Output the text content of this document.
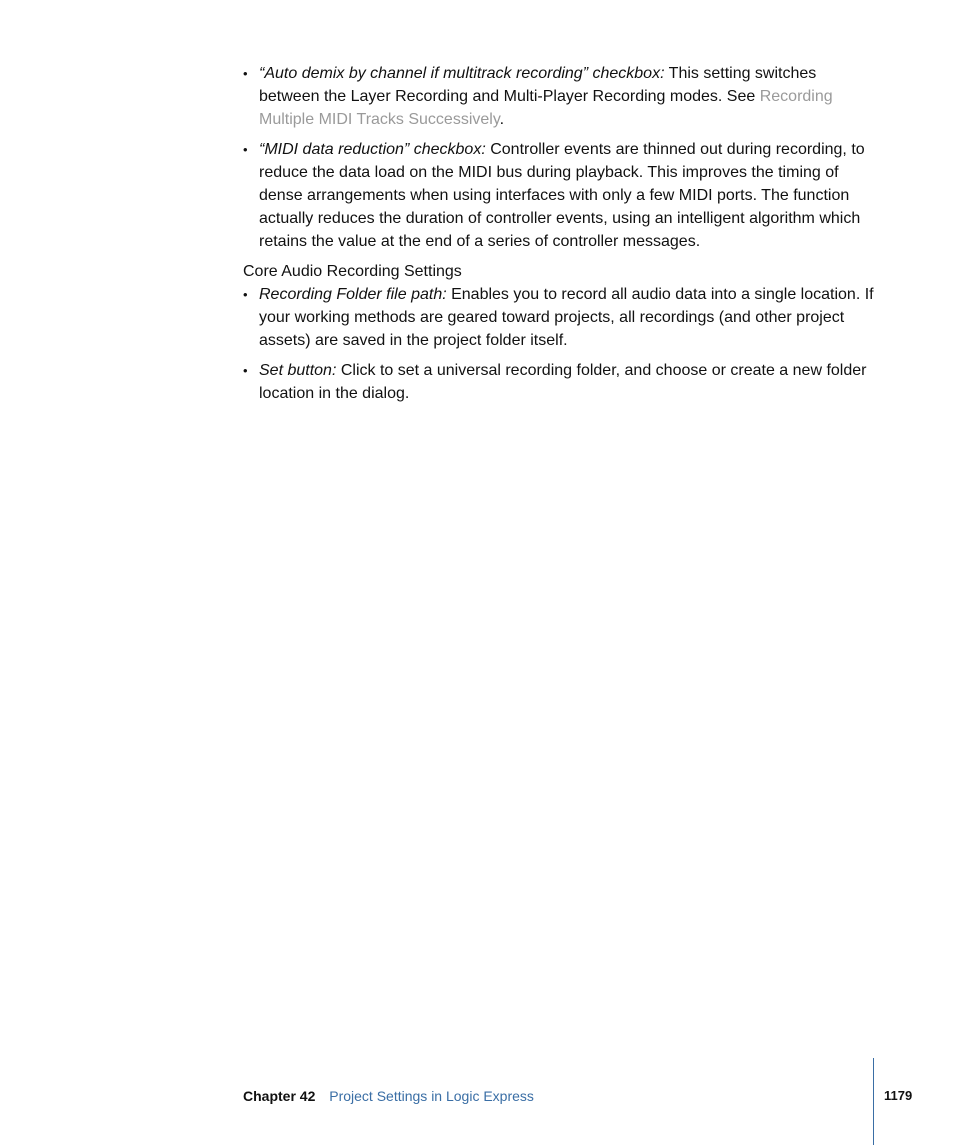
• “Auto demix by channel if multitrack recording” checkbox: This setting switches between the Layer Recording and Multi-Player Recording modes. See Recording Multiple MIDI Tracks Successively.
• “MIDI data reduction” checkbox: Controller events are thinned out during recording, to reduce the data load on the MIDI bus during playback. This improves the timing of dense arrangements when using interfaces with only a few MIDI ports. The function actually reduces the duration of controller events, using an intelligent algorithm which retains the value at the end of a series of controller messages.
Core Audio Recording Settings
• Recording Folder file path: Enables you to record all audio data into a single location. If your working methods are geared toward projects, all recordings (and other project assets) are saved in the project folder itself.
• Set button: Click to set a universal recording folder, and choose or create a new folder location in the dialog.
Chapter 42 Project Settings in Logic Express	1179
